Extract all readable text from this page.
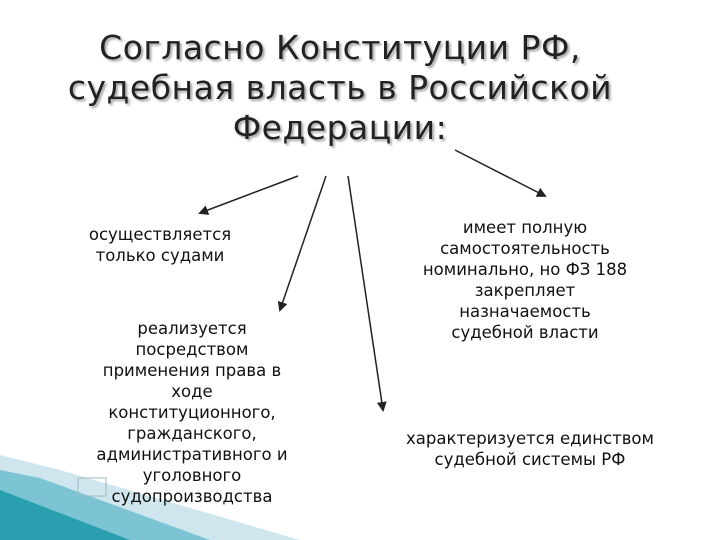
Согласно Конституции РФ,
судебная власть в Российской
Федерации:
осуществляется
только судами
реализуется
посредством
применения права в
ходе
конституционного,
гражданского,
административного и
уголовного
судопроизводства
имеет полную
самостоятельность
номинально, но ФЗ 188
закрепляет
назначаемость
судебной власти
характеризуется единством
судебной системы РФ
